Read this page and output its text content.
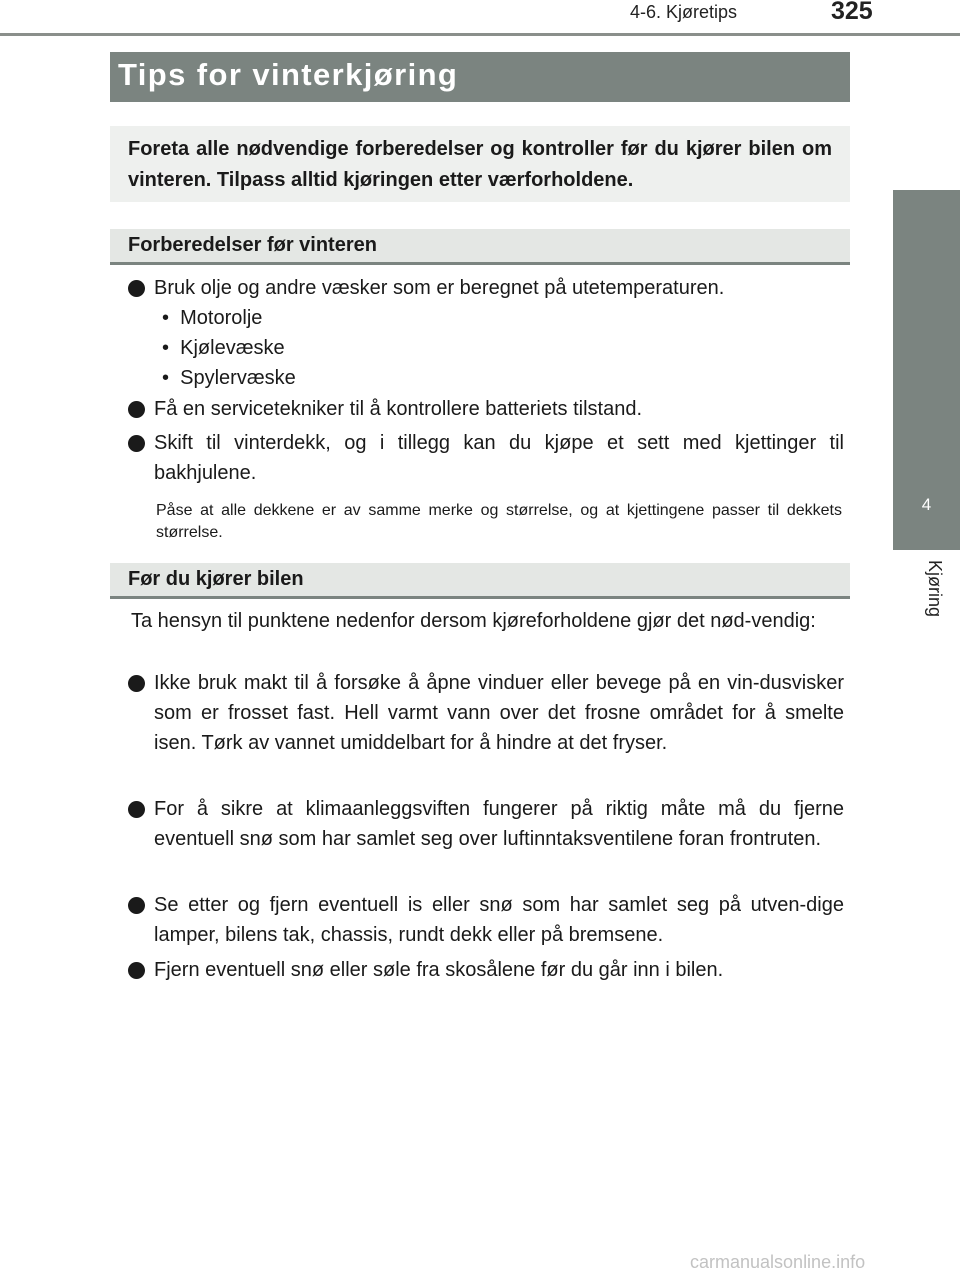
4-6. Kjøretips	325
4
Kjøring
Tips for vinterkjøring
Foreta alle nødvendige forberedelser og kontroller før du kjører bilen om vinteren. Tilpass alltid kjøringen etter værforholdene.
Forberedelser før vinteren
Bruk olje og andre væsker som er beregnet på utetemperaturen.
•  Motorolje
•  Kjølevæske
•  Spylervæske
Få en servicetekniker til å kontrollere batteriets tilstand.
Skift til vinterdekk, og i tillegg kan du kjøpe et sett med kjettinger til bakhjulene.
Påse at alle dekkene er av samme merke og størrelse, og at kjettingene passer til dekkets størrelse.
Før du kjører bilen
Ta hensyn til punktene nedenfor dersom kjøreforholdene gjør det nød-vendig:
Ikke bruk makt til å forsøke å åpne vinduer eller bevege på en vin-dusvisker som er frosset fast. Hell varmt vann over det frosne området for å smelte isen. Tørk av vannet umiddelbart for å hindre at det fryser.
For å sikre at klimaanleggsviften fungerer på riktig måte må du fjerne eventuell snø som har samlet seg over luftinntaksventilene foran frontruten.
Se etter og fjern eventuell is eller snø som har samlet seg på utven-dige lamper, bilens tak, chassis, rundt dekk eller på bremsene.
Fjern eventuell snø eller søle fra skosålene før du går inn i bilen.
carmanualsonline.info
